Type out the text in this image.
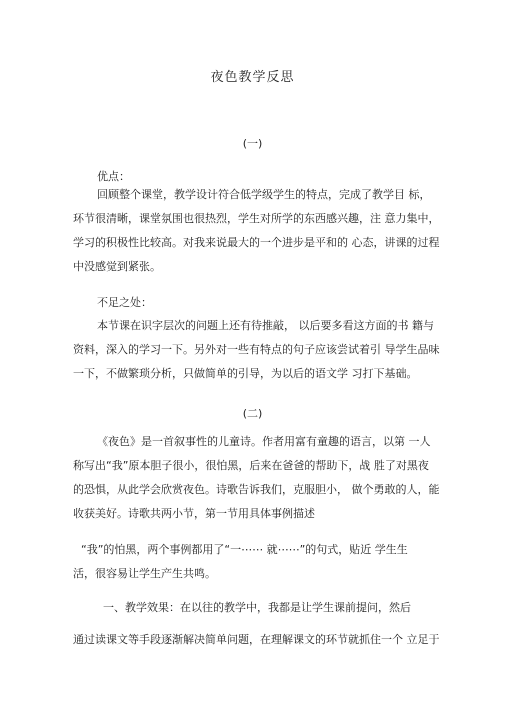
夜色教学反思
(一)
优点：
回顾整个课堂，教学设计符合低学级学生的特点，完成了教学目 标，
环节很清晰，课堂氛围也很热烈，学生对所学的东西感兴趣，注 意力集中，
学习的积极性比较高。对我来说最大的一个进步是平和的 心态，讲课的过程
中没感觉到紧张。
不足之处：
本节课在识字层次的问题上还有待推敲， 以后要多看这方面的书 籍与
资料，深入的学习一下。另外对一些有特点的句子应该尝试着引 导学生品味
一下，不做繁琐分析，只做简单的引导，为以后的语文学 习打下基础。
(二)
《夜色》是一首叙事性的儿童诗。作者用富有童趣的语言，以第 一人
称写出“我”原本胆子很小，很怕黑，后来在爸爸的帮助下，战 胜了对黑夜
的恐惧，从此学会欣赏夜色。诗歌告诉我们，克服胆小， 做个勇敢的人，能
收获美好。诗歌共两小节，第一节用具体事例描述
“我”的怕黑，两个事例都用了“一⋯⋯ 就⋯⋯”的句式，贴近 学生生
活，很容易让学生产生共鸣。
一、教学效果：在以往的教学中，我都是让学生课前提问，然后
通过读课文等手段逐渐解决简单问题，在理解课文的环节就抓住一个 立足于
